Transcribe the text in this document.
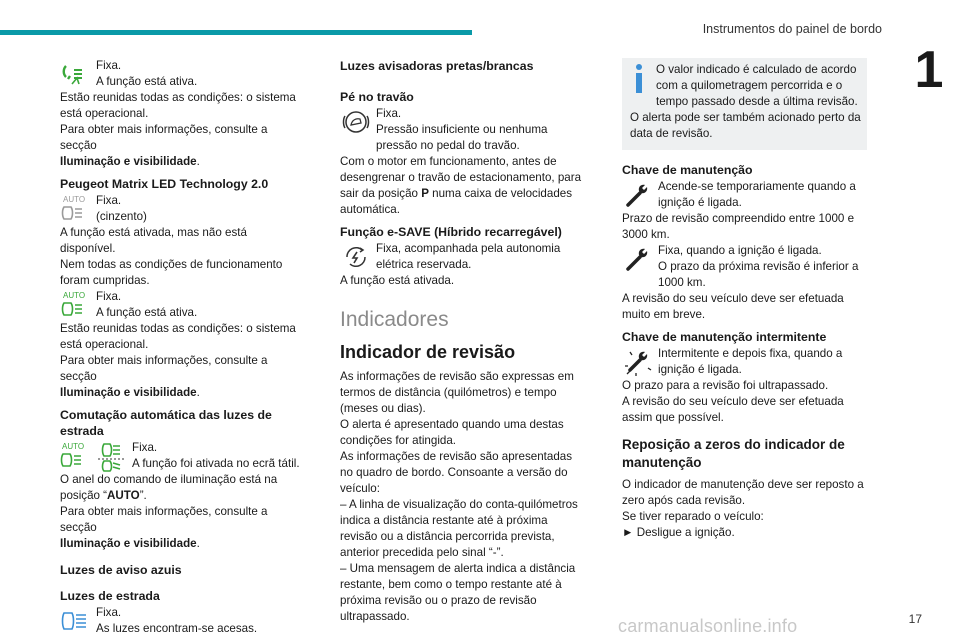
Instrumentos do painel de bordo
1

Fixa.

A função está ativa.

Estão reunidas todas as condições: o sistema está operacional.

Para obter mais informações, consulte a secção
Iluminação e visibilidade.

Peugeot Matrix LED Technology 2.0
AUTO Fixa.

(cinzento)

A função está ativada, mas não está disponível.

Nem todas as condições de funcionamento foram cumpridas.

AUTO Fixa.

A função está ativa.

Estão reunidas todas as condições: o sistema está operacional.

Para obter mais informações, consulte a secção
Iluminação e visibilidade.

Comutação automática das luzes de estrada
AUTO	Fixa.

A função foi ativada no ecrã tátil.

O anel do comando de iluminação está na posição “AUTO”.

Para obter mais informações, consulte a secção
Iluminação e visibilidade.

Luzes de aviso azuis
Luzes de estrada

Fixa.

As luzes encontram-se acesas.

Luzes avisadoras pretas/brancas
Pé no travão

Fixa.

Pressão insuficiente ou nenhuma pressão no pedal do travão.

Com o motor em funcionamento, antes de desengrenar o travão de estacionamento, para sair da posição P numa caixa de velocidades automática.

Função e-SAVE (Híbrido recarregável)

Fixa, acompanhada pela autonomia elétrica reservada.

A função está ativada.

Indicadores
Indicador de revisão

As informações de revisão são expressas em termos de distância (quilómetros) e tempo (meses ou dias).

O alerta é apresentado quando uma destas condições for atingida.

As informações de revisão são apresentadas no quadro de bordo. Consoante a versão do veículo:

– A linha de visualização do conta-quilómetros indica a distância restante até à próxima revisão ou a distância percorrida prevista, anterior precedida pelo sinal “-”.

– Uma mensagem de alerta indica a distância restante, bem como o tempo restante até à próxima revisão ou o prazo de revisão ultrapassado.

O valor indicado é calculado de acordo com a quilometragem percorrida e o tempo passado desde a última revisão.

O alerta pode ser também acionado perto da data de revisão.

Chave de manutenção

Acende-se temporariamente quando a ignição é ligada.

Prazo de revisão compreendido entre 1000 e 3000 km.

Fixa, quando a ignição é ligada.

O prazo da próxima revisão é inferior a 1000 km.

A revisão do seu veículo deve ser efetuada muito em breve.

Chave de manutenção intermitente

Intermitente e depois fixa, quando a ignição é ligada.

O prazo para a revisão foi ultrapassado.

A revisão do seu veículo deve ser efetuada assim que possível.

Reposição a zeros do indicador de manutenção

O indicador de manutenção deve ser reposto a zero após cada revisão.

Se tiver reparado o veículo:

► Desligue a ignição.

carmanualsonline.info	17
